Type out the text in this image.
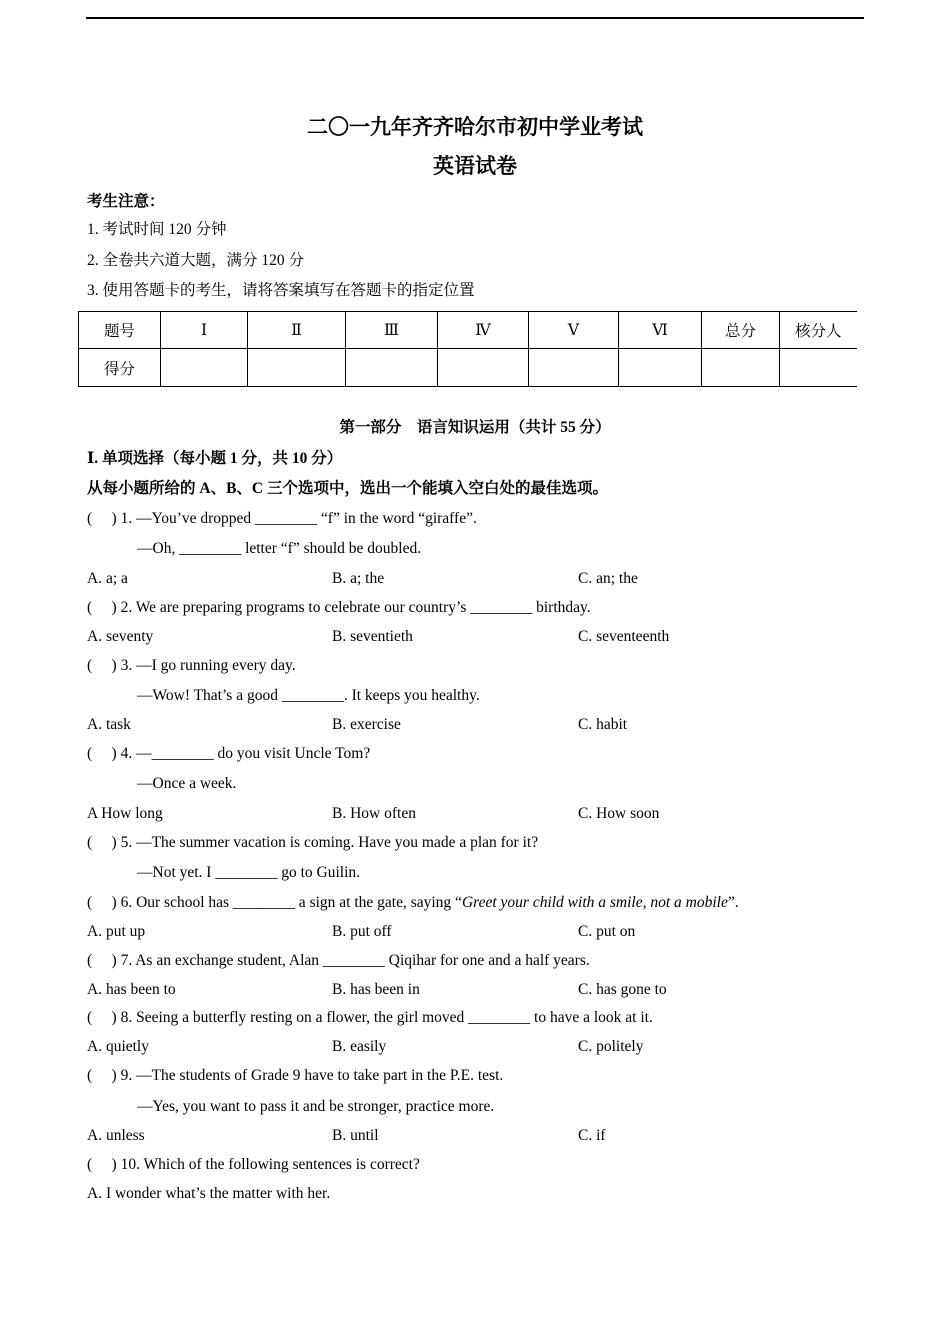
二〇一九年齐齐哈尔市初中学业考试
英语试卷
考生注意：
1. 考试时间 120 分钟
2. 全卷共六道大题，满分 120 分
3. 使用答题卡的考生，请将答案填写在答题卡的指定位置
题号	Ⅰ	Ⅱ	Ⅲ	Ⅳ	Ⅴ	Ⅵ	总分	核分人
得分								
第一部分　语言知识运用（共计 55 分）
Ⅰ. 单项选择（每小题 1 分，共 10 分）
从每小题所给的 A、B、C 三个选项中，选出一个能填入空白处的最佳选项。
(　 ) 1. —You’ve dropped ________ “f” in the word “giraffe”.
—Oh, ________ letter “f” should be doubled.
A. a; a	B. a; the	C. an; the
(　 ) 2. We are preparing programs to celebrate our country’s ________ birthday.
A. seventy	B. seventieth	C. seventeenth
(　 ) 3. —I go running every day.
—Wow! That’s a good ________. It keeps you healthy.
A. task	B. exercise	C. habit
(　 ) 4. —________ do you visit Uncle Tom?
—Once a week.
A How long	B. How often	C. How soon
(　 ) 5. —The summer vacation is coming. Have you made a plan for it?
—Not yet. I ________ go to Guilin.
(　 ) 6. Our school has ________ a sign at the gate, saying “Greet your child with a smile, not a mobile”.
A. put up	B. put off	C. put on
(　 ) 7. As an exchange student, Alan ________ Qiqihar for one and a half years.
A. has been to	B. has been in	C. has gone to
(　 ) 8. Seeing a butterfly resting on a flower, the girl moved ________ to have a look at it.
A. quietly	B. easily	C. politely
(　 ) 9. —The students of Grade 9 have to take part in the P.E. test.
—Yes, you want to pass it and be stronger, practice more.
A. unless	B. until	C. if
(　 ) 10. Which of the following sentences is correct?
A. I wonder what’s the matter with her.
